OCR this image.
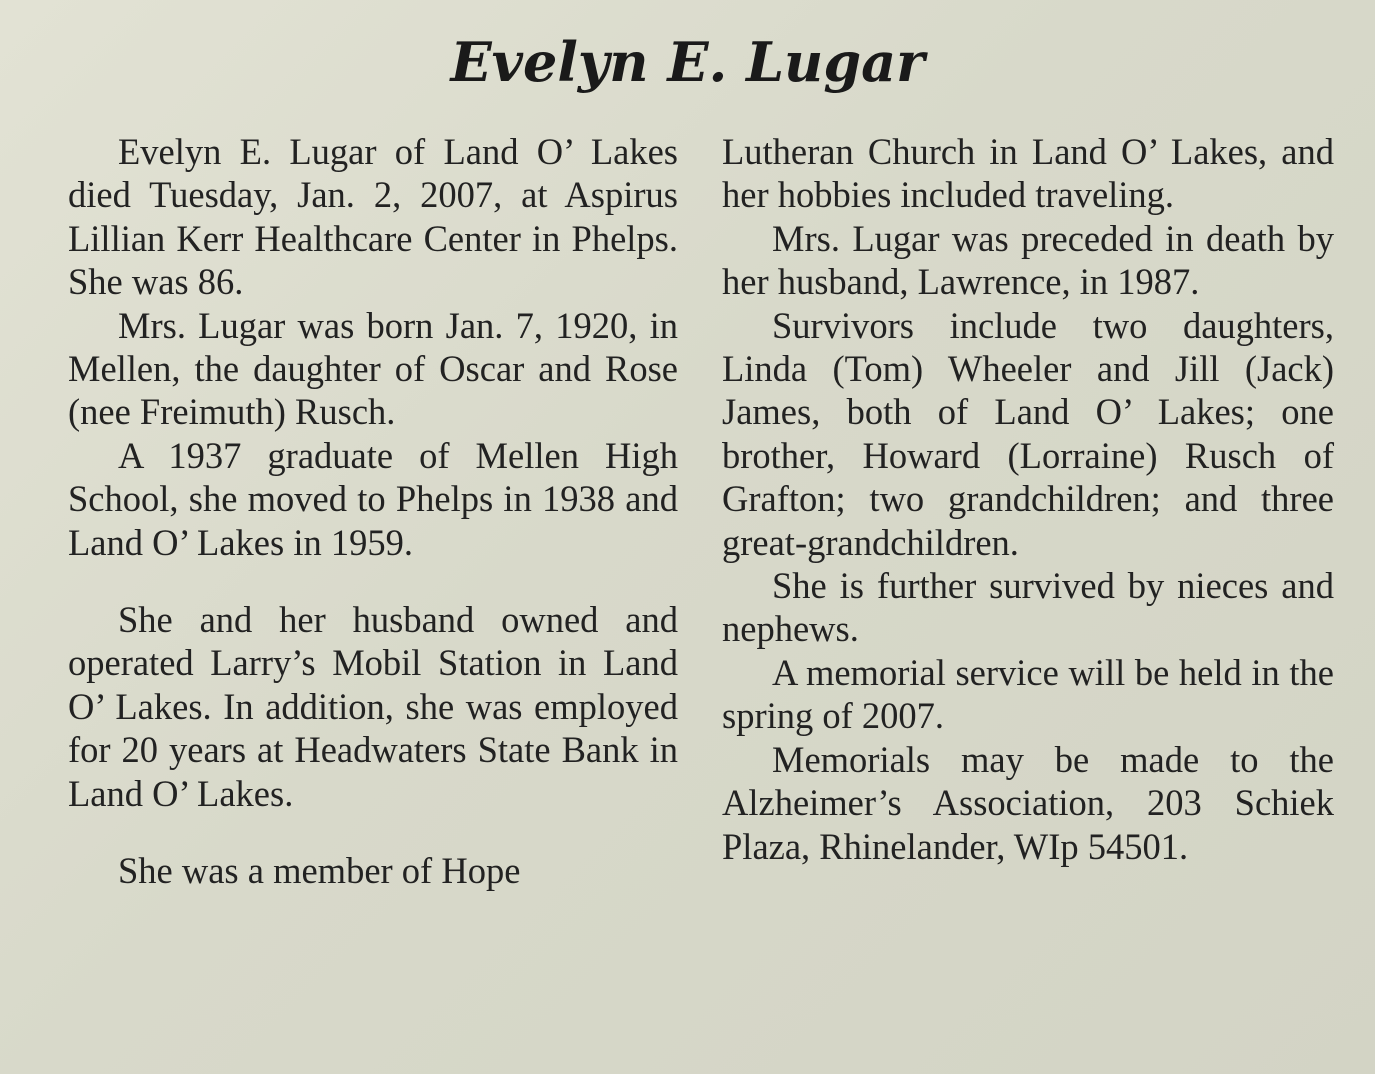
Evelyn E. Lugar

Evelyn E. Lugar of Land O’ Lakes died Tuesday, Jan. 2, 2007, at Aspirus Lillian Kerr Healthcare Center in Phelps. She was 86.

Mrs. Lugar was born Jan. 7, 1920, in Mellen, the daughter of Oscar and Rose (nee Freimuth) Rusch.

A 1937 graduate of Mellen High School, she moved to Phelps in 1938 and Land O’ Lakes in 1959.

She and her husband owned and operated Larry’s Mobil Station in Land O’ Lakes. In addition, she was employed for 20 years at Headwaters State Bank in Land O’ Lakes.

She was a member of Hope

Lutheran Church in Land O’ Lakes, and her hobbies included traveling.

Mrs. Lugar was preceded in death by her husband, Lawrence, in 1987.

Survivors include two daughters, Linda (Tom) Wheeler and Jill (Jack) James, both of Land O’ Lakes; one brother, Howard (Lorraine) Rusch of Grafton; two grandchildren; and three great-grandchildren.

She is further survived by nieces and nephews.

A memorial service will be held in the spring of 2007.

Memorials may be made to the Alzheimer’s Association, 203 Schiek Plaza, Rhinelander, WIp 54501.
